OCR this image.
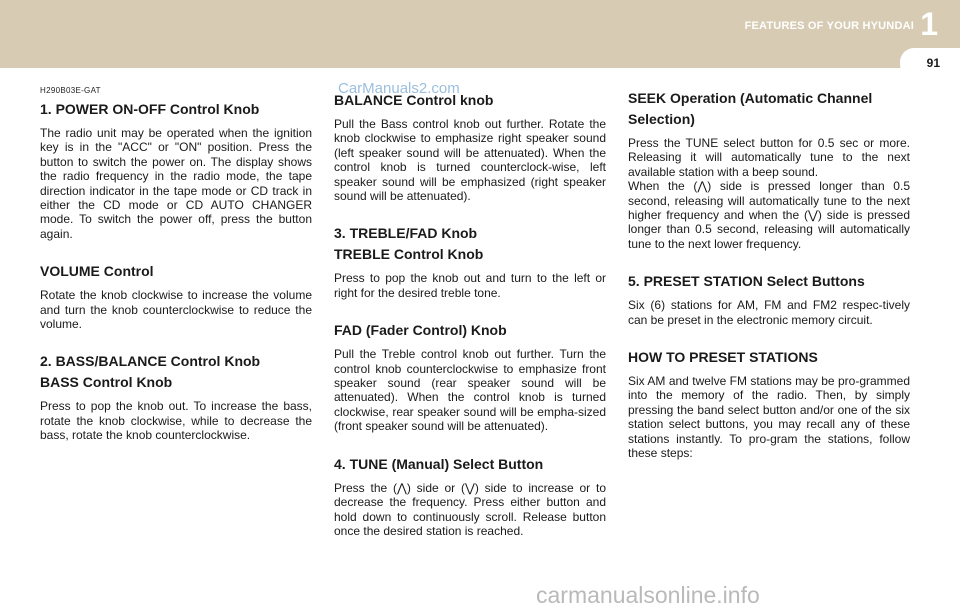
FEATURES OF YOUR HYUNDAI 1
91
H290B03E-GAT
1. POWER ON-OFF Control Knob

The radio unit may be operated when the ignition key is in the "ACC" or "ON" position. Press the button to switch the power on. The display shows the radio frequency in the radio mode, the tape direction indicator in the tape mode or CD track in either the CD mode or CD AUTO CHANGER mode. To switch the power off, press the button again.

VOLUME Control

Rotate the knob clockwise to increase the volume and turn the knob counterclockwise to reduce the volume.

2. BASS/BALANCE Control Knob
BASS Control Knob

Press to pop the knob out. To increase the bass, rotate the knob clockwise, while to decrease the bass, rotate the knob counterclockwise.

BALANCE Control knob

Pull the Bass control knob out further. Rotate the knob clockwise to emphasize right speaker sound (left speaker sound will be attenuated). When the control knob is turned counterclock-wise, left speaker sound will be emphasized (right speaker sound will be attenuated).

3. TREBLE/FAD Knob
TREBLE Control Knob

Press to pop the knob out and turn to the left or right for the desired treble tone.

FAD (Fader Control) Knob

Pull the Treble control knob out further. Turn the control knob counterclockwise to emphasize front speaker sound (rear speaker sound will be attenuated). When the control knob is turned clockwise, rear speaker sound will be empha-sized (front speaker sound will be attenuated).

4. TUNE (Manual) Select Button

Press the (⋀) side or (⋁) side to increase or to decrease the frequency. Press either button and hold down to continuously scroll. Release button once the desired station is reached.

SEEK Operation (Automatic Channel Selection)

Press the TUNE select button for 0.5 sec or more. Releasing it will automatically tune to the next available station with a beep sound.

When the (⋀) side is pressed longer than 0.5 second, releasing will automatically tune to the next higher frequency and when the (⋁) side is pressed longer than 0.5 second, releasing will automatically tune to the next lower frequency.

5. PRESET STATION Select Buttons

Six (6) stations for AM, FM and FM2 respec-tively can be preset in the electronic memory circuit.

HOW TO PRESET STATIONS

Six AM and twelve FM stations may be pro-grammed into the memory of the radio. Then, by simply pressing the band select button and/or one of the six station select buttons, you may recall any of these stations instantly. To pro-gram the stations, follow these steps:

CarManuals2.com
carmanualsonline.info
